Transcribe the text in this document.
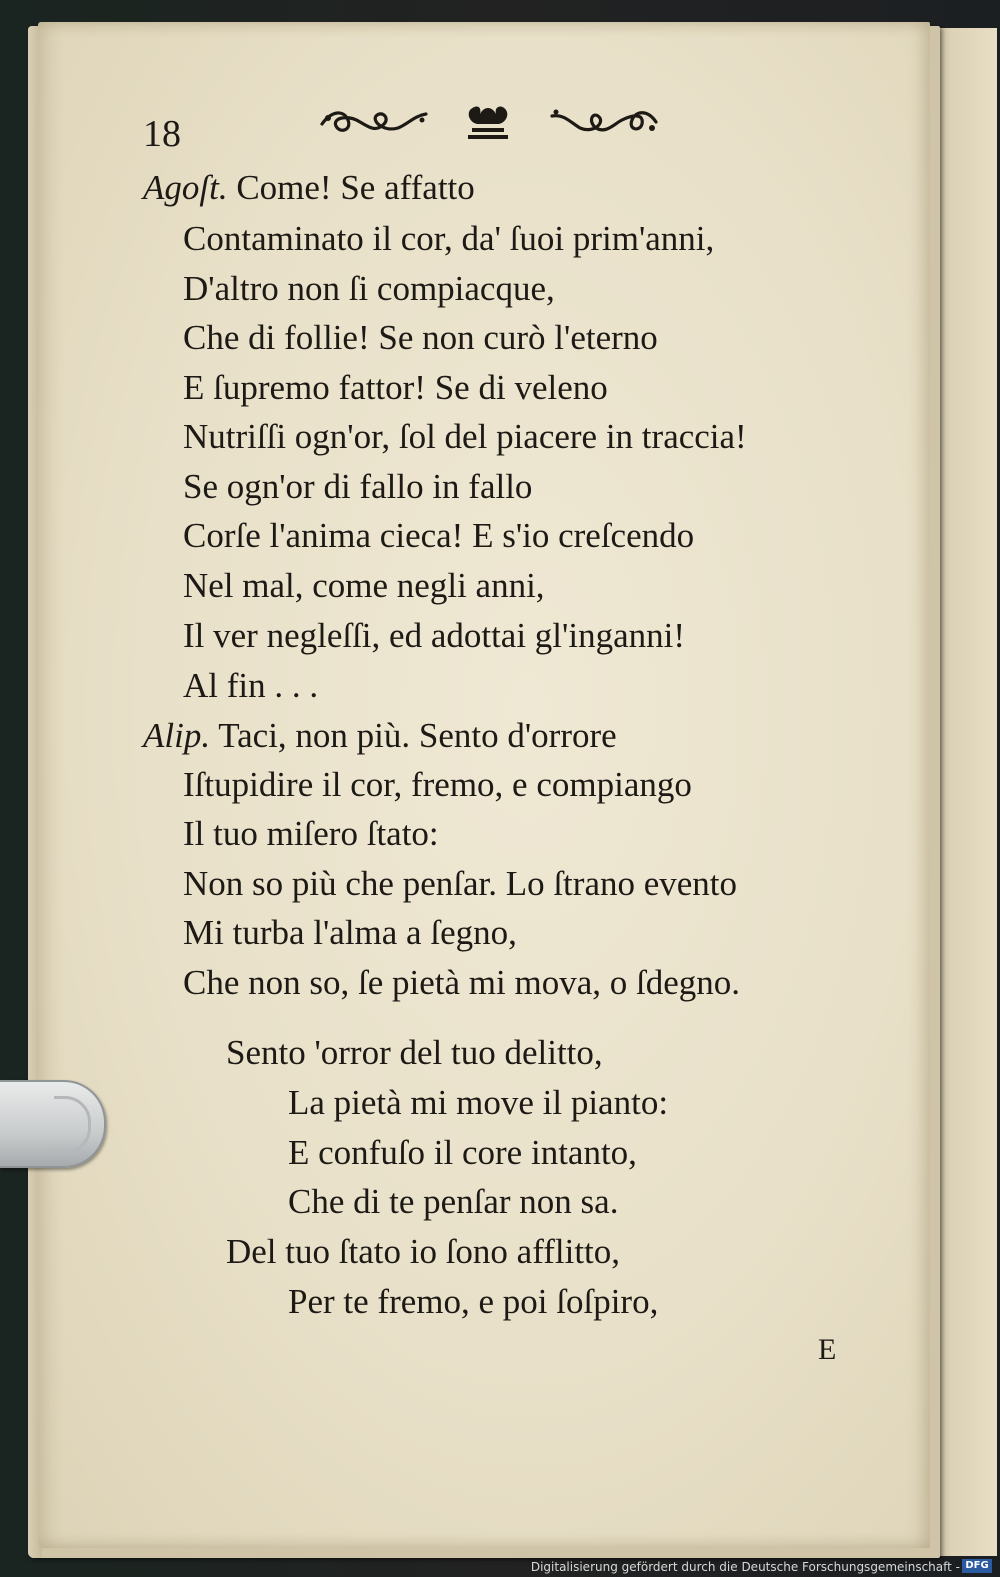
18
Agoſt. Come! Se affatto
Contaminato il cor, da' ſuoi prim'anni,
D'altro non ſi compiacque,
Che di follie! Se non curò l'eterno
E ſupremo fattor! Se di veleno
Nutriſſi ogn'or, ſol del piacere in traccia!
Se ogn'or di fallo in fallo
Corſe l'anima cieca! E s'io creſcendo
Nel mal, come negli anni,
Il ver negleſſi, ed adottai gl'inganni!
Al fin . . .
Alip. Taci, non più. Sento d'orrore
Iſtupidire il cor, fremo, e compiango
Il tuo miſero ſtato:
Non so più che penſar. Lo ſtrano evento
Mi turba l'alma a ſegno,
Che non so, ſe pietà mi mova, o ſdegno.
Sento 'orror del tuo delitto,
La pietà mi move il pianto:
E confuſo il core intanto,
Che di te penſar non sa.
Del tuo ſtato io ſono afflitto,
Per te fremo, e poi ſoſpiro,
E
Digitalisierung gefördert durch die Deutsche Forschungsgemeinschaft - DFG
